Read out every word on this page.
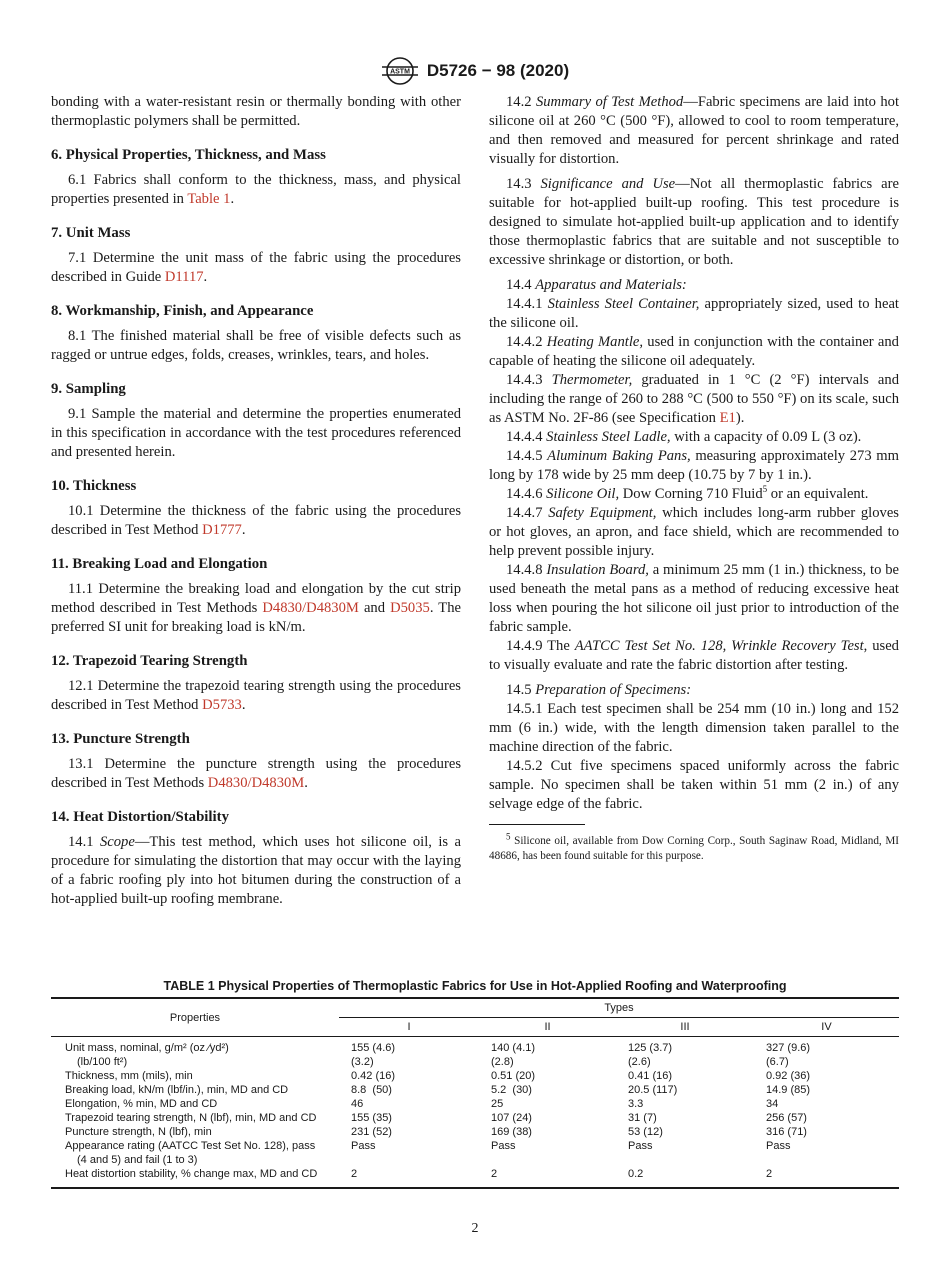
ASTM D5726 − 98 (2020)

bonding with a water-resistant resin or thermally bonding with other thermoplastic polymers shall be permitted.

6. Physical Properties, Thickness, and Mass

6.1 Fabrics shall conform to the thickness, mass, and physical properties presented in Table 1.

7. Unit Mass

7.1 Determine the unit mass of the fabric using the procedures described in Guide D1117.

8. Workmanship, Finish, and Appearance

8.1 The finished material shall be free of visible defects such as ragged or untrue edges, folds, creases, wrinkles, tears, and holes.

9. Sampling

9.1 Sample the material and determine the properties enumerated in this specification in accordance with the test procedures referenced and presented herein.

10. Thickness

10.1 Determine the thickness of the fabric using the procedures described in Test Method D1777.

11. Breaking Load and Elongation

11.1 Determine the breaking load and elongation by the cut strip method described in Test Methods D4830/D4830M and D5035. The preferred SI unit for breaking load is kN/m.

12. Trapezoid Tearing Strength

12.1 Determine the trapezoid tearing strength using the procedures described in Test Method D5733.

13. Puncture Strength

13.1 Determine the puncture strength using the procedures described in Test Methods D4830/D4830M.

14. Heat Distortion/Stability

14.1 Scope—This test method, which uses hot silicone oil, is a procedure for simulating the distortion that may occur with the laying of a fabric roofing ply into hot bitumen during the construction of a hot-applied built-up roofing membrane.

14.2 Summary of Test Method—Fabric specimens are laid into hot silicone oil at 260 °C (500 °F), allowed to cool to room temperature, and then removed and measured for percent shrinkage and rated visually for distortion.

14.3 Significance and Use—Not all thermoplastic fabrics are suitable for hot-applied built-up roofing. This test procedure is designed to simulate hot-applied built-up application and to identify those thermoplastic fabrics that are suitable and not susceptible to excessive shrinkage or distortion, or both.

14.4 Apparatus and Materials:

14.4.1 Stainless Steel Container, appropriately sized, used to heat the silicone oil.

14.4.2 Heating Mantle, used in conjunction with the container and capable of heating the silicone oil adequately.

14.4.3 Thermometer, graduated in 1 °C (2 °F) intervals and including the range of 260 to 288 °C (500 to 550 °F) on its scale, such as ASTM No. 2F-86 (see Specification E1).

14.4.4 Stainless Steel Ladle, with a capacity of 0.09 L (3 oz).

14.4.5 Aluminum Baking Pans, measuring approximately 273 mm long by 178 wide by 25 mm deep (10.75 by 7 by 1 in.).

14.4.6 Silicone Oil, Dow Corning 710 Fluid$^5$ or an equivalent.

14.4.7 Safety Equipment, which includes long-arm rubber gloves or hot gloves, an apron, and face shield, which are recommended to help prevent possible injury.

14.4.8 Insulation Board, a minimum 25 mm (1 in.) thickness, to be used beneath the metal pans as a method of reducing excessive heat loss when pouring the hot silicone oil just prior to introduction of the fabric sample.

14.4.9 The AATCC Test Set No. 128, Wrinkle Recovery Test, used to visually evaluate and rate the fabric distortion after testing.

14.5 Preparation of Specimens:

14.5.1 Each test specimen shall be 254 mm (10 in.) long and 152 mm (6 in.) wide, with the length dimension taken parallel to the machine direction of the fabric.

14.5.2 Cut five specimens spaced uniformly across the fabric sample. No specimen shall be taken within 51 mm (2 in.) of any selvage edge of the fabric.

$^5$ Silicone oil, available from Dow Corning Corp., South Saginaw Road, Midland, MI 48686, has been found suitable for this purpose.

TABLE 1 Physical Properties of Thermoplastic Fabrics for Use in Hot-Applied Roofing and Waterproofing
Properties	Types			
	I	II	III	IV
Unit mass, nominal, g/m² (oz ⁄yd²)	155 (4.6)	140 (4.1)	125 (3.7)	327 (9.6)
(lb/100 ft²)	(3.2)	(2.8)	(2.6)	(6.7)
Thickness, mm (mils), min	0.42 (16)	0.51 (20)	0.41 (16)	0.92 (36)
Breaking load, kN/m (lbf/in.), min, MD and CD	8.8  (50)	5.2  (30)	20.5 (117)	14.9 (85)
Elongation, % min, MD and CD	46	25	3.3	34
Trapezoid tearing strength, N (lbf), min, MD and CD	155 (35)	107 (24)	31 (7)	256 (57)
Puncture strength, N (lbf), min	231 (52)	169 (38)	53 (12)	316 (71)
Appearance rating (AATCC Test Set No. 128), pass	Pass	Pass	Pass	Pass
(4 and 5) and fail (1 to 3)				
Heat distortion stability, % change max, MD and CD	2	2	0.2	2
2
